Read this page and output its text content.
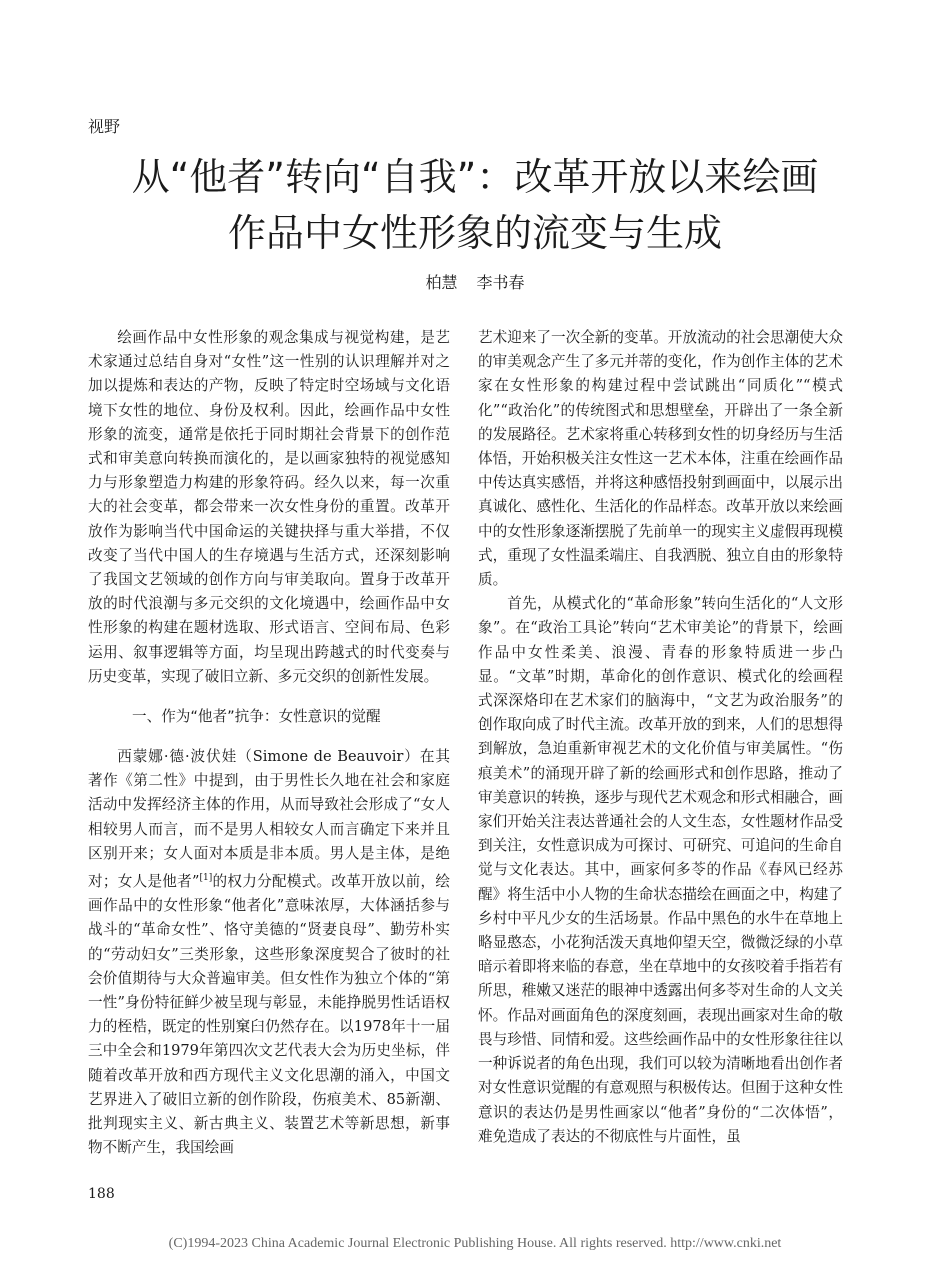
视野
从“他者”转向“自我”：改革开放以来绘画
作品中女性形象的流变与生成
柏慧 李书春

绘画作品中女性形象的观念集成与视觉构建，是艺术家通过总结自身对“女性”这一性别的认识理解并对之加以提炼和表达的产物，反映了特定时空场域与文化语境下女性的地位、身份及权利。因此，绘画作品中女性形象的流变，通常是依托于同时期社会背景下的创作范式和审美意向转换而演化的，是以画家独特的视觉感知力与形象塑造力构建的形象符码。经久以来，每一次重大的社会变革，都会带来一次女性身份的重置。改革开放作为影响当代中国命运的关键抉择与重大举措，不仅改变了当代中国人的生存境遇与生活方式，还深刻影响了我国文艺领域的创作方向与审美取向。置身于改革开放的时代浪潮与多元交织的文化境遇中，绘画作品中女性形象的构建在题材选取、形式语言、空间布局、色彩运用、叙事逻辑等方面，均呈现出跨越式的时代变奏与历史变革，实现了破旧立新、多元交织的创新性发展。

一、作为“他者”抗争：女性意识的觉醒

西蒙娜·德·波伏娃（Simone de Beauvoir）在其著作《第二性》中提到，由于男性长久地在社会和家庭活动中发挥经济主体的作用，从而导致社会形成了“女人相较男人而言，而不是男人相较女人而言确定下来并且区别开来；女人面对本质是非本质。男人是主体，是绝对；女人是他者”[1]的权力分配模式。改革开放以前，绘画作品中的女性形象“他者化”意味浓厚，大体涵括参与战斗的“革命女性”、恪守美德的“贤妻良母”、勤劳朴实的“劳动妇女”三类形象，这些形象深度契合了彼时的社会价值期待与大众普遍审美。但女性作为独立个体的“第一性”身份特征鲜少被呈现与彰显，未能挣脱男性话语权力的桎梏，既定的性别窠臼仍然存在。以1978年十一届三中全会和1979年第四次文艺代表大会为历史坐标，伴随着改革开放和西方现代主义文化思潮的涌入，中国文艺界进入了破旧立新的创作阶段，伤痕美术、85新潮、批判现实主义、新古典主义、装置艺术等新思想，新事物不断产生，我国绘画

艺术迎来了一次全新的变革。开放流动的社会思潮使大众的审美观念产生了多元并蒂的变化，作为创作主体的艺术家在女性形象的构建过程中尝试跳出“同质化”“模式化”“政治化”的传统图式和思想壁垒，开辟出了一条全新的发展路径。艺术家将重心转移到女性的切身经历与生活体悟，开始积极关注女性这一艺术本体，注重在绘画作品中传达真实感悟，并将这种感悟投射到画面中，以展示出真诚化、感性化、生活化的作品样态。改革开放以来绘画中的女性形象逐渐摆脱了先前单一的现实主义虚假再现模式，重现了女性温柔端庄、自我洒脱、独立自由的形象特质。

首先，从模式化的“革命形象”转向生活化的“人文形象”。在“政治工具论”转向“艺术审美论”的背景下，绘画作品中女性柔美、浪漫、青春的形象特质进一步凸显。“文革”时期，革命化的创作意识、模式化的绘画程式深深烙印在艺术家们的脑海中，“文艺为政治服务”的创作取向成了时代主流。改革开放的到来，人们的思想得到解放，急迫重新审视艺术的文化价值与审美属性。“伤痕美术”的涌现开辟了新的绘画形式和创作思路，推动了审美意识的转换，逐步与现代艺术观念和形式相融合，画家们开始关注表达普通社会的人文生态，女性题材作品受到关注，女性意识成为可探讨、可研究、可追问的生命自觉与文化表达。其中，画家何多苓的作品《春风已经苏醒》将生活中小人物的生命状态描绘在画面之中，构建了乡村中平凡少女的生活场景。作品中黑色的水牛在草地上略显憨态，小花狗活泼天真地仰望天空，微微泛绿的小草暗示着即将来临的春意，坐在草地中的女孩咬着手指若有所思，稚嫩又迷茫的眼神中透露出何多苓对生命的人文关怀。作品对画面角色的深度刻画，表现出画家对生命的敬畏与珍惜、同情和爱。这些绘画作品中的女性形象往往以一种诉说者的角色出现，我们可以较为清晰地看出创作者对女性意识觉醒的有意观照与积极传达。但囿于这种女性意识的表达仍是男性画家以“他者”身份的“二次体悟”，难免造成了表达的不彻底性与片面性，虽

188
(C)1994-2023 China Academic Journal Electronic Publishing House. All rights reserved. http://www.cnki.net
